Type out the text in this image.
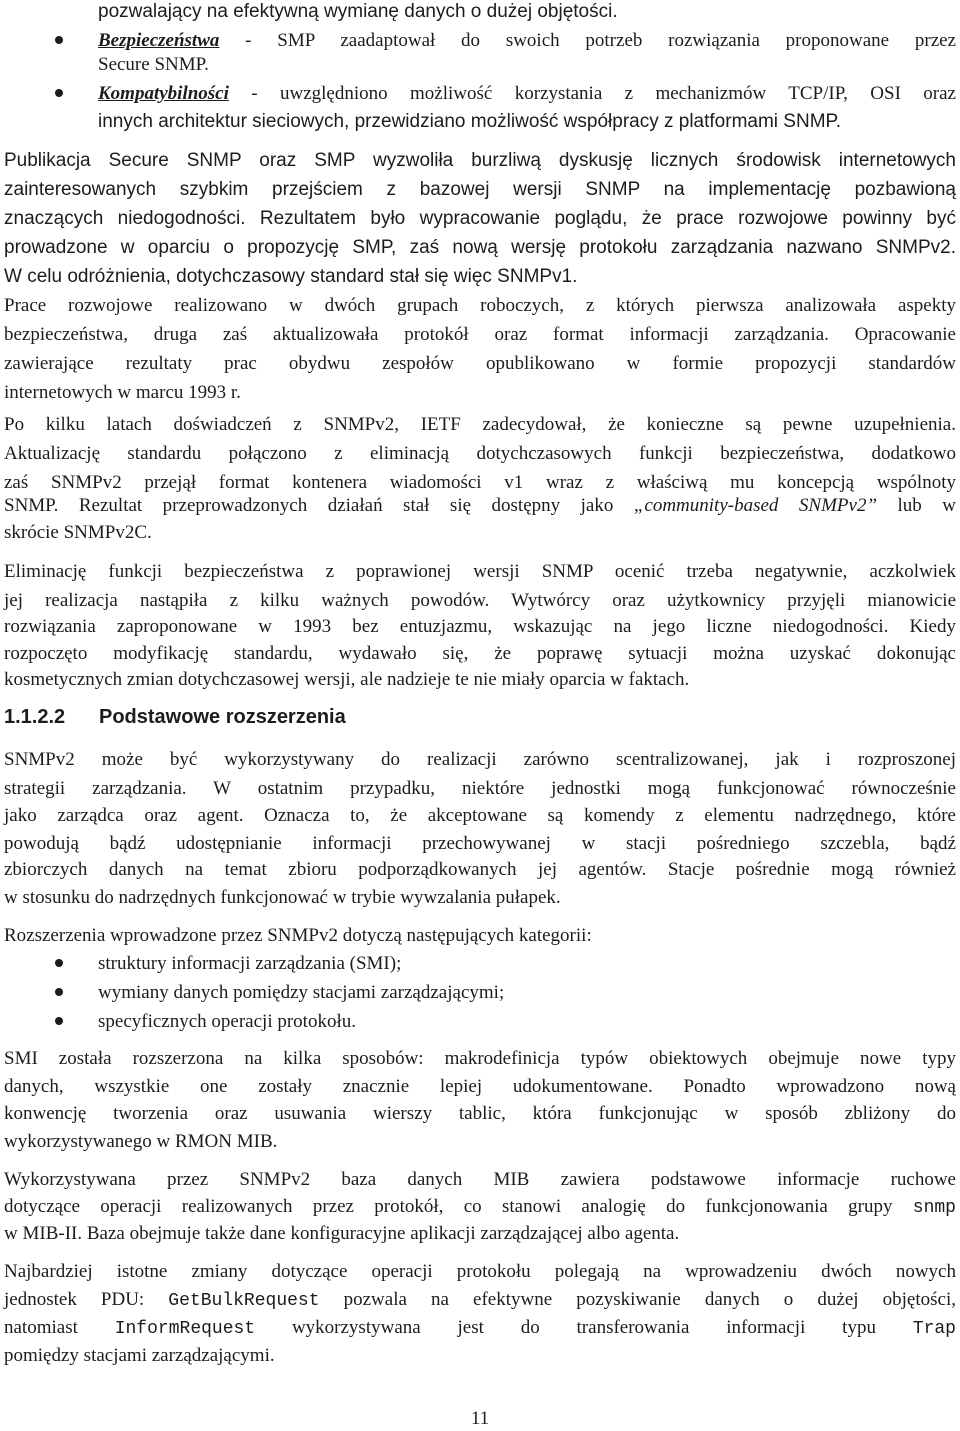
pozwalający na efektywną wymianę danych o dużej objętości.
Bezpieczeństwa - SMP zaadaptował do swoich potrzeb rozwiązania proponowane przez
Secure SNMP.
Kompatybilności - uwzględniono możliwość korzystania z mechanizmów TCP/IP, OSI oraz
innych architektur sieciowych, przewidziano możliwość współpracy z platformami SNMP.
Publikacja Secure SNMP oraz SMP wyzwoliła burzliwą dyskusję licznych środowisk internetowych
zainteresowanych szybkim przejściem z bazowej wersji SNMP na implementację pozbawioną
znaczących niedogodności. Rezultatem było wypracowanie poglądu, że prace rozwojowe powinny być
prowadzone w oparciu o propozycję SMP, zaś nową wersję protokołu zarządzania nazwano SNMPv2.
W celu odróżnienia, dotychczasowy standard stał się więc SNMPv1.
Prace rozwojowe realizowano w dwóch grupach roboczych, z których pierwsza analizowała aspekty
bezpieczeństwa, druga zaś aktualizowała protokół oraz format informacji zarządzania. Opracowanie
zawierające rezultaty prac obydwu zespołów opublikowano w formie propozycji standardów
internetowych w marcu 1993 r.
Po kilku latach doświadczeń z SNMPv2, IETF zadecydował, że konieczne są pewne uzupełnienia.
Aktualizację standardu połączono z eliminacją dotychczasowych funkcji bezpieczeństwa, dodatkowo
zaś SNMPv2 przejął format kontenera wiadomości v1 wraz z właściwą mu koncepcją wspólnoty
SNMP. Rezultat przeprowadzonych działań stał się dostępny jako „community-based SNMPv2” lub w
skrócie SNMPv2C.
Eliminację funkcji bezpieczeństwa z poprawionej wersji SNMP ocenić trzeba negatywnie, aczkolwiek
jej realizacja nastąpiła z kilku ważnych powodów. Wytwórcy oraz użytkownicy przyjęli mianowicie
rozwiązania zaproponowane w 1993 bez entuzjazmu, wskazując na jego liczne niedogodności. Kiedy
rozpoczęto modyfikację standardu, wydawało się, że poprawę sytuacji można uzyskać dokonując
kosmetycznych zmian dotychczasowej wersji, ale nadzieje te nie miały oparcia w faktach.
1.1.2.2 Podstawowe rozszerzenia
SNMPv2 może być wykorzystywany do realizacji zarówno scentralizowanej, jak i rozproszonej
strategii zarządzania. W ostatnim przypadku, niektóre jednostki mogą funkcjonować równocześnie
jako zarządca oraz agent. Oznacza to, że akceptowane są komendy z elementu nadrzędnego, które
powodują bądź udostępnianie informacji przechowywanej w stacji pośredniego szczebla, bądź
zbiorczych danych na temat zbioru podporządkowanych jej agentów. Stacje pośrednie mogą również
w stosunku do nadrzędnych funkcjonować w trybie wywzalania pułapek.
Rozszerzenia wprowadzone przez SNMPv2 dotyczą następujących kategorii:
struktury informacji zarządzania (SMI);
wymiany danych pomiędzy stacjami zarządzającymi;
specyficznych operacji protokołu.
SMI została rozszerzona na kilka sposobów: makrodefinicja typów obiektowych obejmuje nowe typy
danych, wszystkie one zostały znacznie lepiej udokumentowane. Ponadto wprowadzono nową
konwencję tworzenia oraz usuwania wierszy tablic, która funkcjonując w sposób zbliżony do
wykorzystywanego w RMON MIB.
Wykorzystywana przez SNMPv2 baza danych MIB zawiera podstawowe informacje ruchowe
dotyczące operacji realizowanych przez protokół, co stanowi analogię do funkcjonowania grupy snmp
w MIB-II. Baza obejmuje także dane konfiguracyjne aplikacji zarządzającej albo agenta.
Najbardziej istotne zmiany dotyczące operacji protokołu polegają na wprowadzeniu dwóch nowych
jednostek PDU: GetBulkRequest pozwala na efektywne pozyskiwanie danych o dużej objętości,
natomiast InformRequest wykorzystywana jest do transferowania informacji typu Trap
pomiędzy stacjami zarządzającymi.
11
